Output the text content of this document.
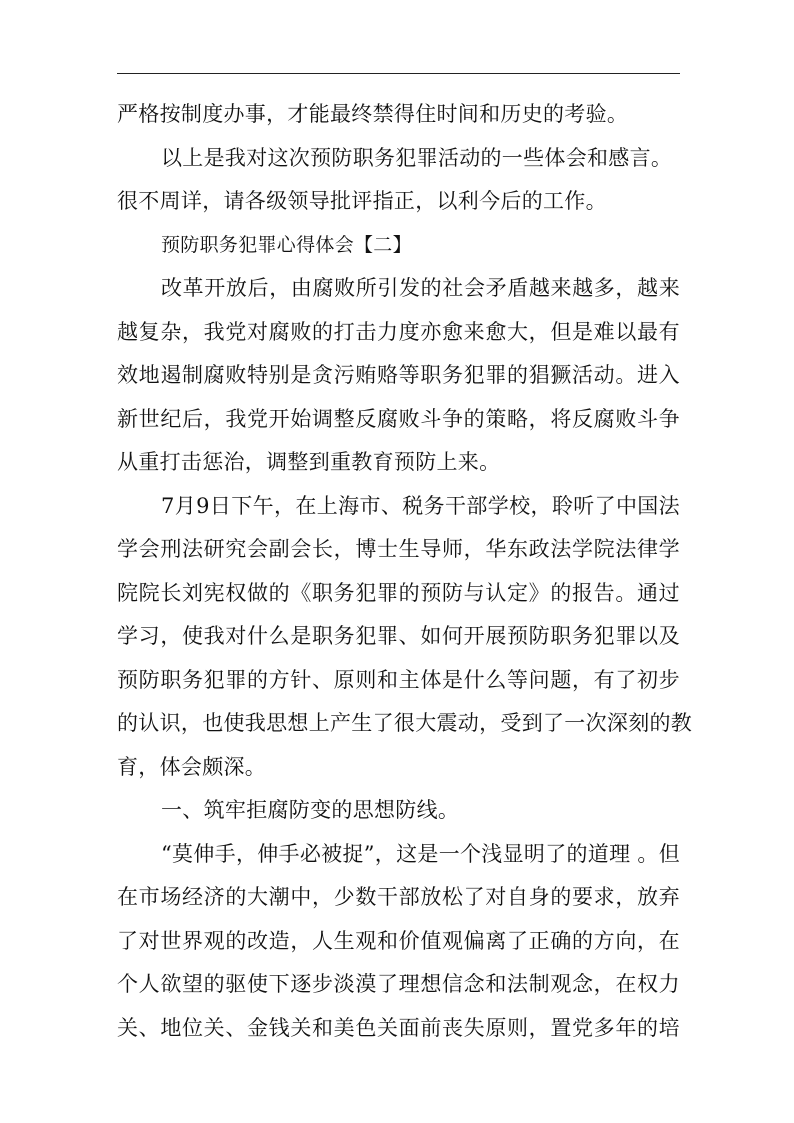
严格按制度办事，才能最终禁得住时间和历史的考验。
以上是我对这次预防职务犯罪活动的一些体会和感言。
很不周详，请各级领导批评指正，以利今后的工作。
预防职务犯罪心得体会【二】
改革开放后，由腐败所引发的社会矛盾越来越多，越来
越复杂，我党对腐败的打击力度亦愈来愈大，但是难以最有
效地遏制腐败特别是贪污贿赂等职务犯罪的猖獗活动。进入
新世纪后，我党开始调整反腐败斗争的策略，将反腐败斗争
从重打击惩治，调整到重教育预防上来。
7月9日下午，在上海市、税务干部学校，聆听了中国法
学会刑法研究会副会长，博士生导师，华东政法学院法律学
院院长刘宪权做的《职务犯罪的预防与认定》的报告。通过
学习，使我对什么是职务犯罪、如何开展预防职务犯罪以及
预防职务犯罪的方针、原则和主体是什么等问题，有了初步
的认识，也使我思想上产生了很大震动，受到了一次深刻的教
育，体会颇深。
一、筑牢拒腐防变的思想防线。
“莫伸手，伸手必被捉”，这是一个浅显明了的道理 。但
在市场经济的大潮中，少数干部放松了对自身的要求，放弃
了对世界观的改造，人生观和价值观偏离了正确的方向，在
个人欲望的驱使下逐步淡漠了理想信念和法制观念，在权力
关、地位关、金钱关和美色关面前丧失原则，置党多年的培
